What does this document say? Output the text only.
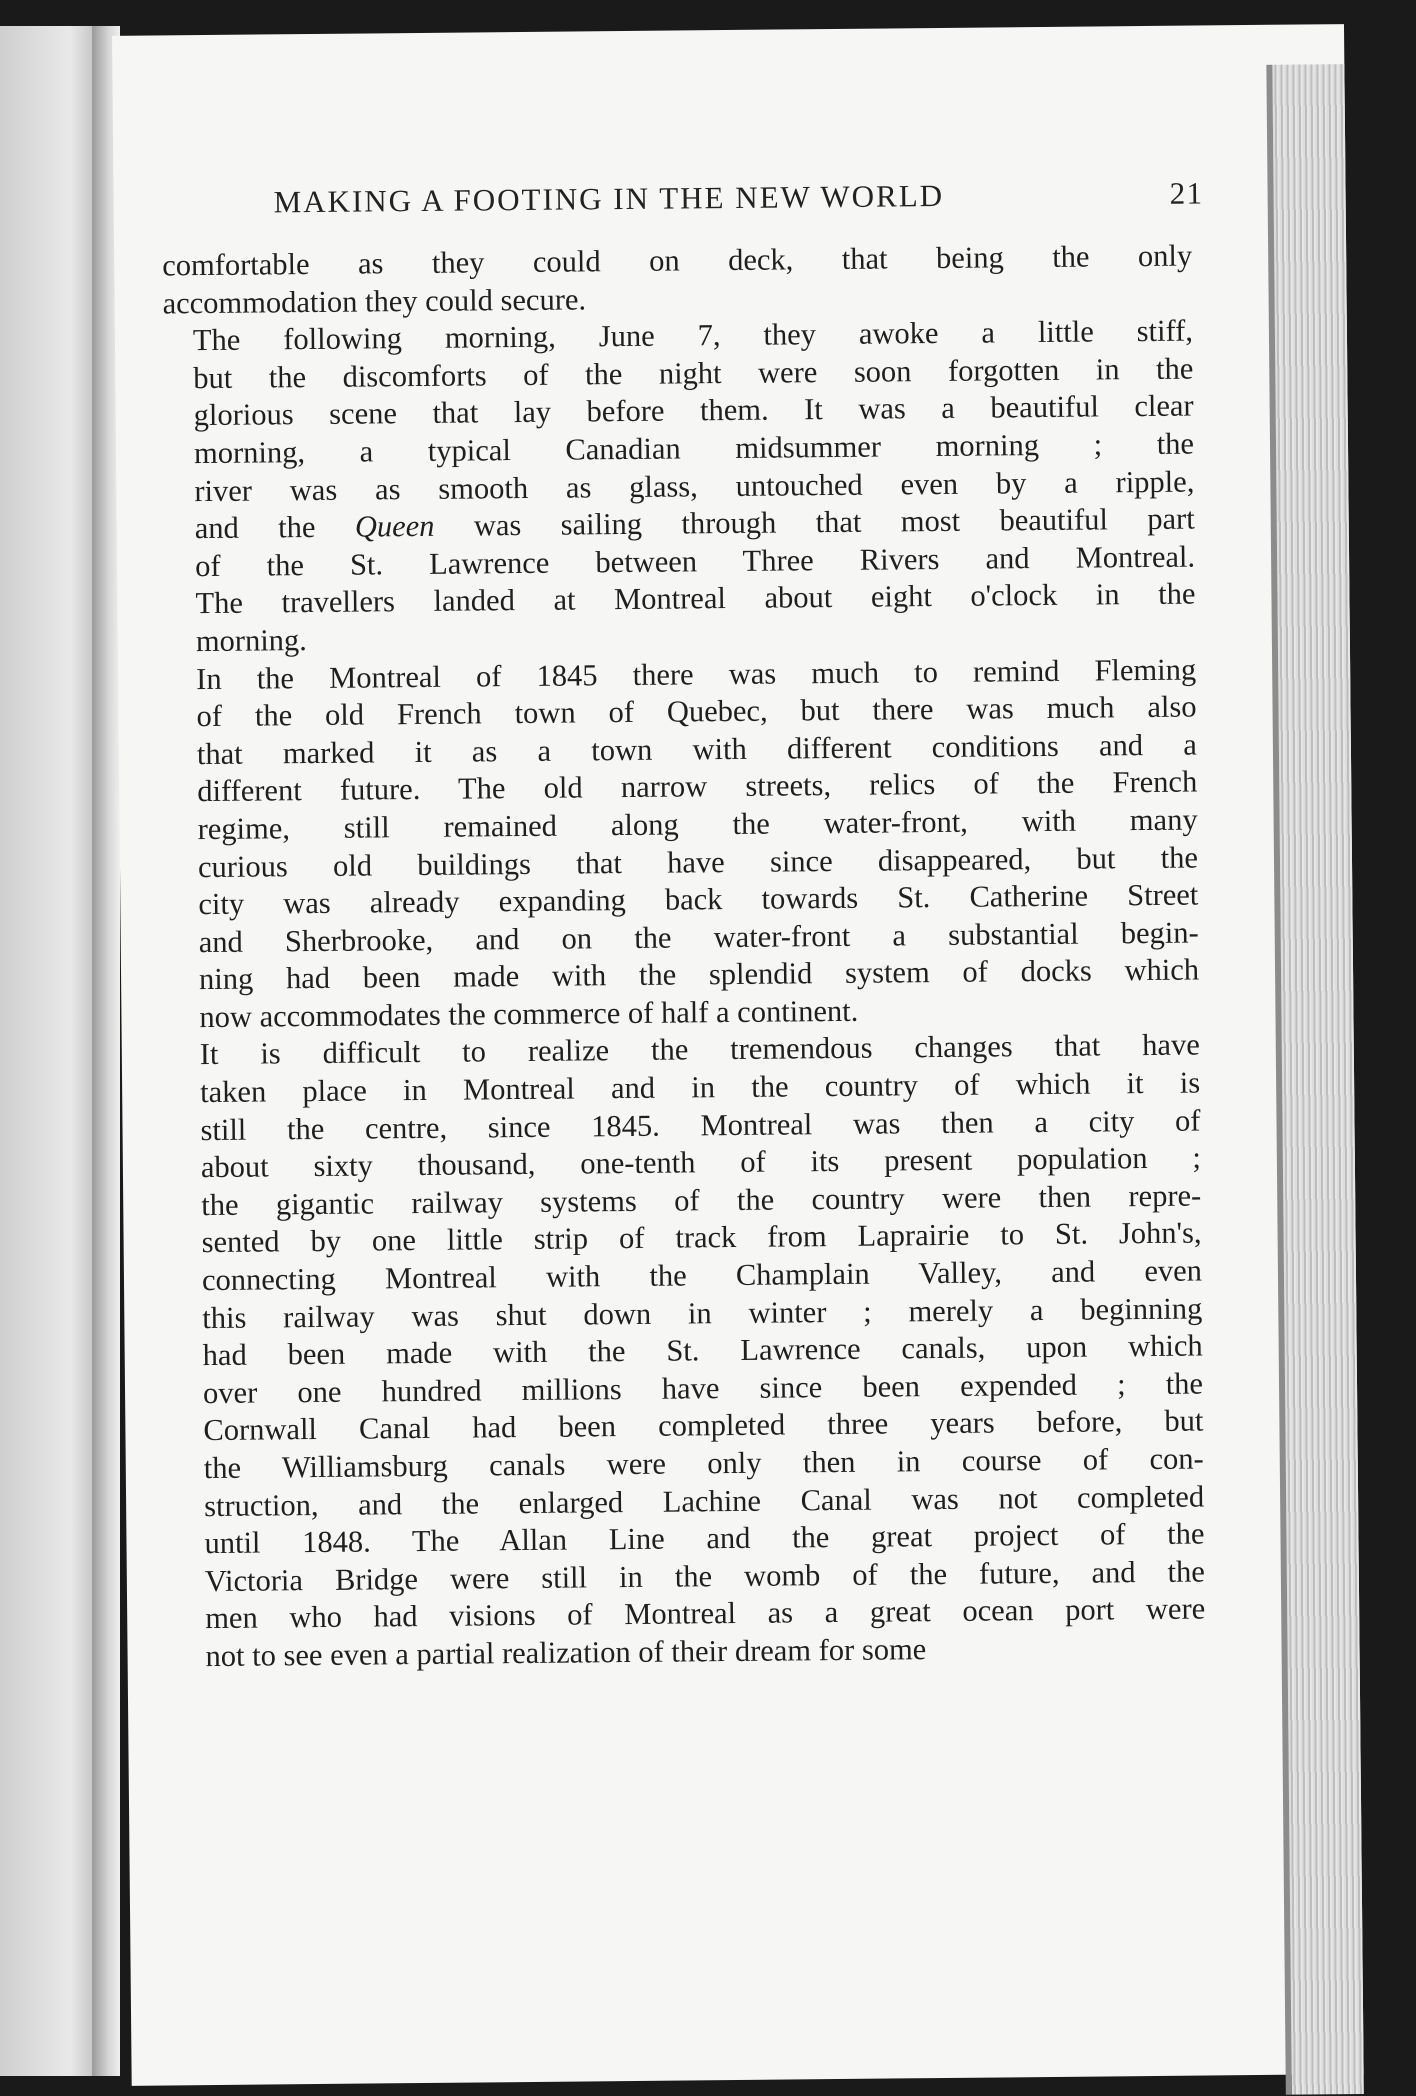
MAKING A FOOTING IN THE NEW WORLD	21

comfortable as they could on deck, that being the only
accommodation they could secure.

The following morning, June 7, they awoke a little stiff,
but the discomforts of the night were soon forgotten in the
glorious scene that lay before them. It was a beautiful clear
morning, a typical Canadian midsummer morning ; the
river was as smooth as glass, untouched even by a ripple,
and the Queen was sailing through that most beautiful part
of the St. Lawrence between Three Rivers and Montreal.
The travellers landed at Montreal about eight o'clock in the
morning.

In the Montreal of 1845 there was much to remind Fleming
of the old French town of Quebec, but there was much also
that marked it as a town with different conditions and a
different future. The old narrow streets, relics of the French
regime, still remained along the water-front, with many
curious old buildings that have since disappeared, but the
city was already expanding back towards St. Catherine Street
and Sherbrooke, and on the water-front a substantial begin-
ning had been made with the splendid system of docks which
now accommodates the commerce of half a continent.

It is difficult to realize the tremendous changes that have
taken place in Montreal and in the country of which it is
still the centre, since 1845. Montreal was then a city of
about sixty thousand, one-tenth of its present population ;
the gigantic railway systems of the country were then repre-
sented by one little strip of track from Laprairie to St. John's,
connecting Montreal with the Champlain Valley, and even
this railway was shut down in winter ; merely a beginning
had been made with the St. Lawrence canals, upon which
over one hundred millions have since been expended ; the
Cornwall Canal had been completed three years before, but
the Williamsburg canals were only then in course of con-
struction, and the enlarged Lachine Canal was not completed
until 1848. The Allan Line and the great project of the
Victoria Bridge were still in the womb of the future, and the
men who had visions of Montreal as a great ocean port were
not to see even a partial realization of their dream for some
